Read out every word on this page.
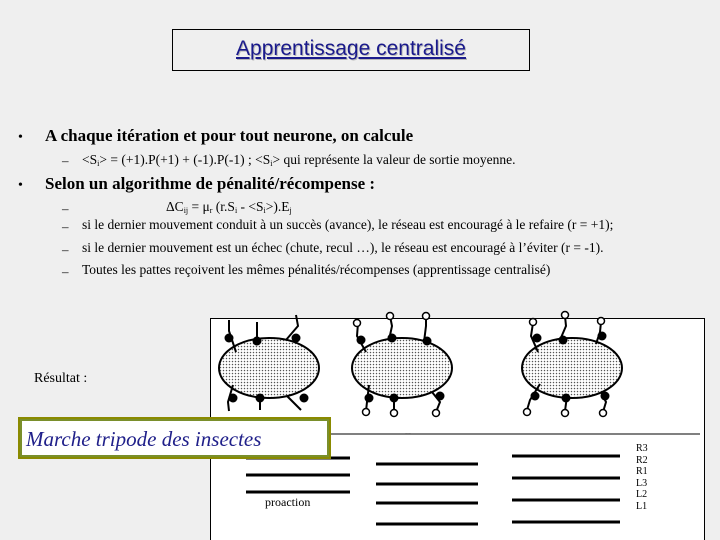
Apprentissage centralisé
• A chaque itération et pour tout neurone, on calcule
– $<S_i> = (+1).P(+1) + (-1).P(-1)$ ; $<S_i>$ qui représente la valeur de sortie moyenne.
• Selon un algorithme de pénalité/récompense :
–	$\Delta C_{ij} = \mu_r$ $(r.S_i - <S_i>).E_j$
– si le dernier mouvement conduit à un succès (avance), le réseau est encouragé à le refaire (r = +1);
– si le dernier mouvement est un échec (chute, recul …), le réseau est encouragé à l’éviter (r = -1).
– Toutes les pattes reçoivent les mêmes pénalités/récompenses (apprentissage centralisé)
Résultat :
Marche tripode des insectes	--
proaction
R3
R2
R1
L3
L2
L1
